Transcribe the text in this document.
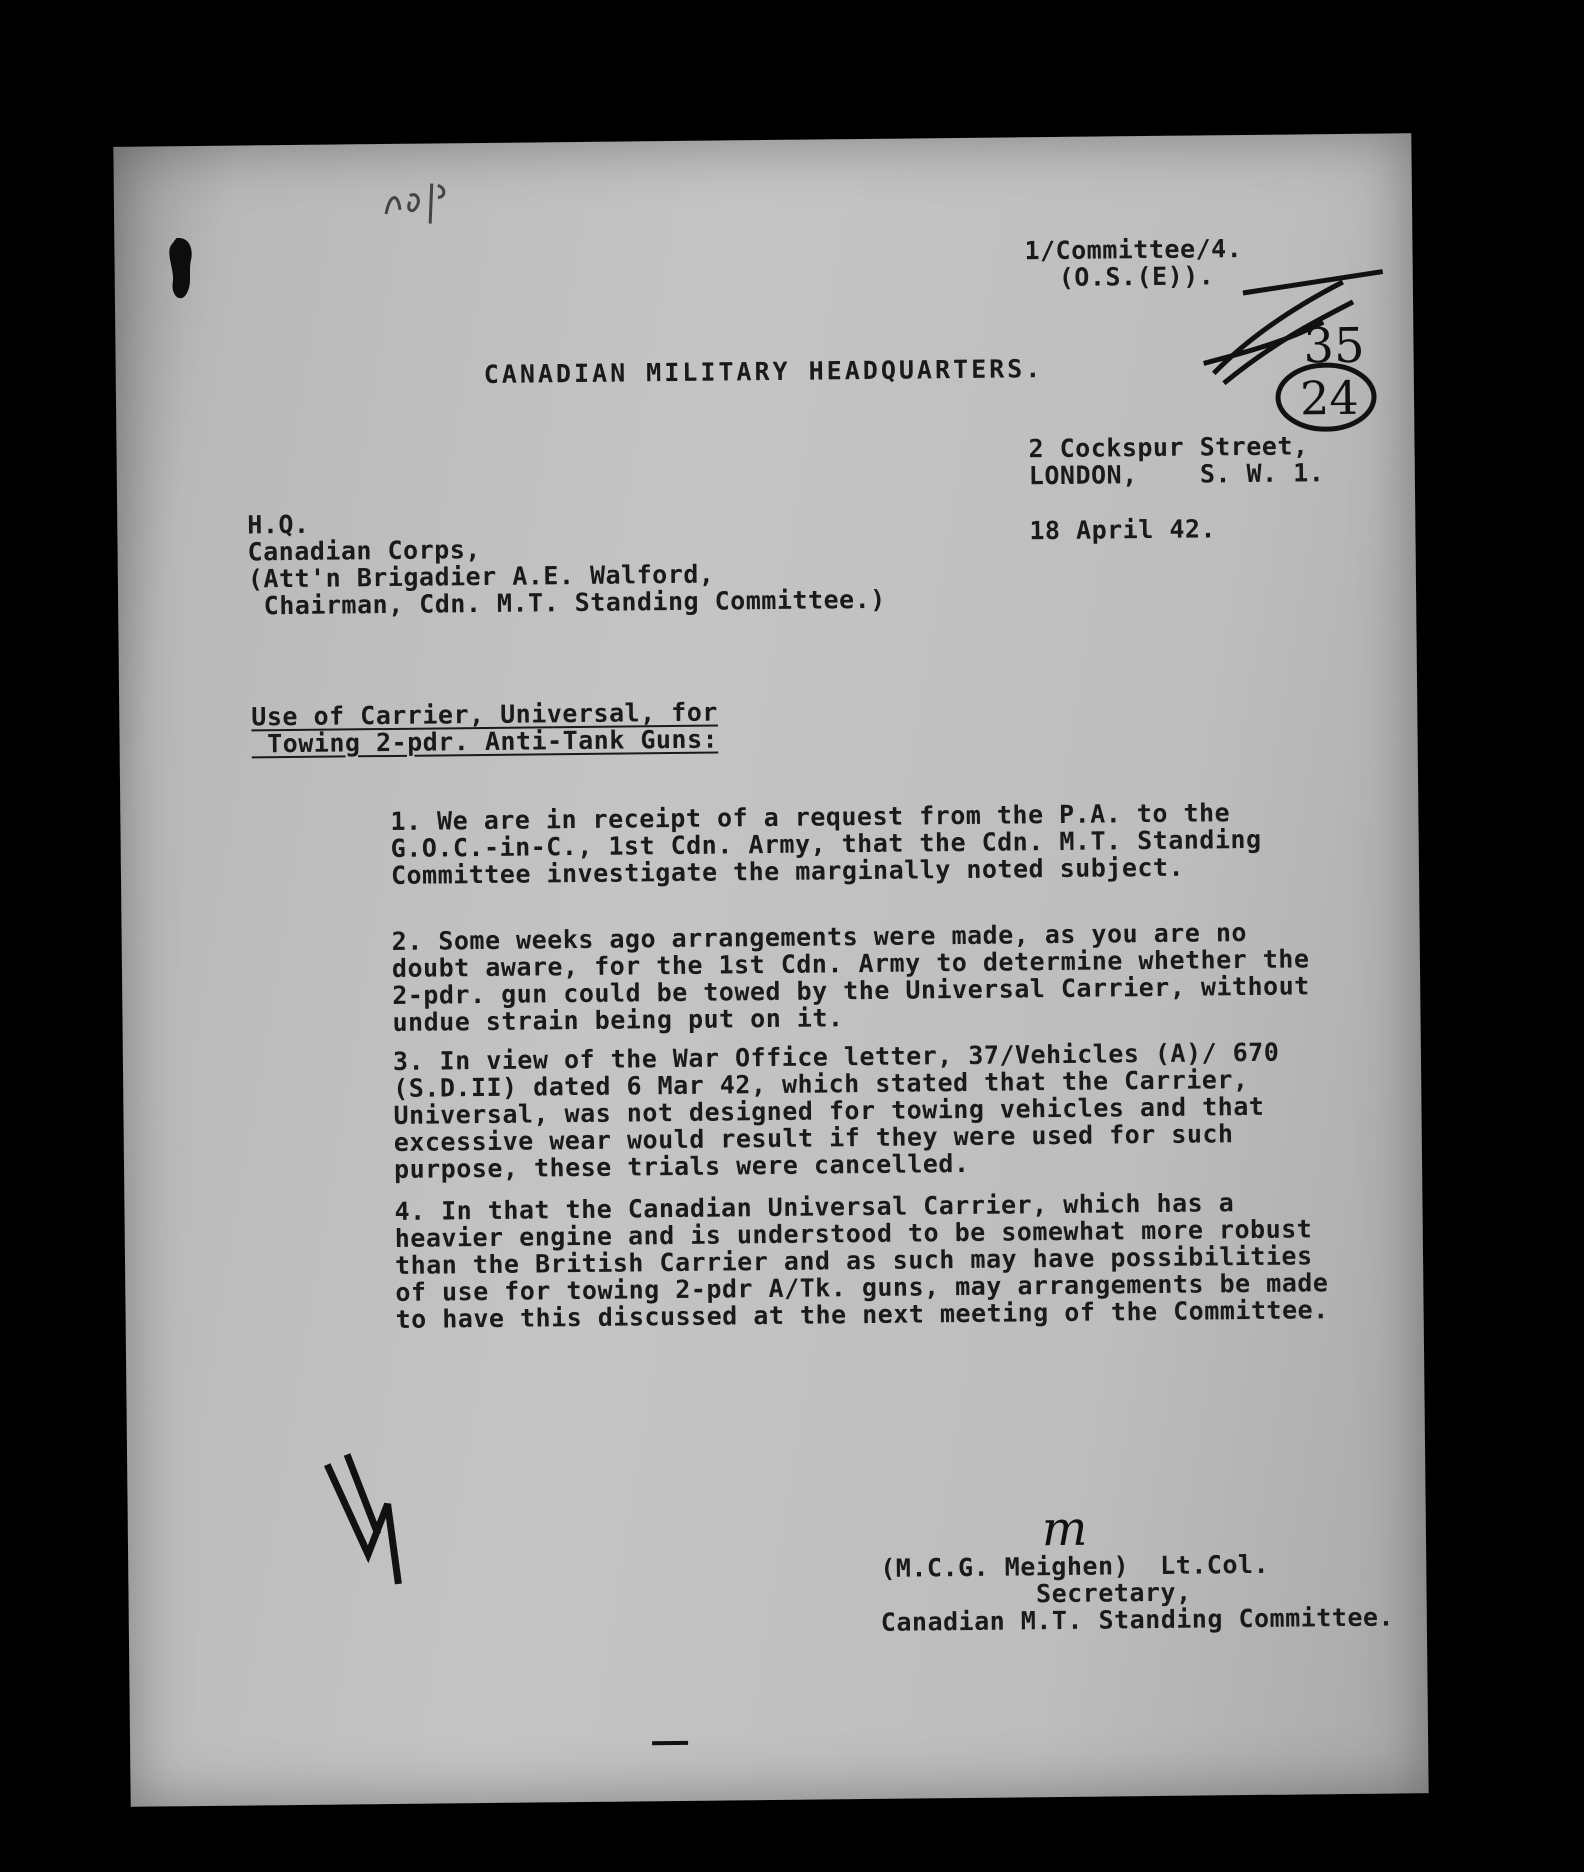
1/Committee/4.
(O.S.(E)).
35
24
CANADIAN MILITARY HEADQUARTERS.
2 Cockspur Street,
LONDON,    S. W. 1.
18 April 42.
H.Q.
Canadian Corps,
(Att'n Brigadier A.E. Walford,
Chairman, Cdn. M.T. Standing Committee.)
Use of Carrier, Universal, for
Towing 2-pdr. Anti-Tank Guns:
1. We are in receipt of a request from the P.A. to the G.O.C.-in-C., 1st Cdn. Army, that the Cdn. M.T. Standing Committee investigate the marginally noted subject.
2. Some weeks ago arrangements were made, as you are no doubt aware, for the 1st Cdn. Army to determine whether the 2-pdr. gun could be towed by the Universal Carrier, without undue strain being put on it.
3. In view of the War Office letter, 37/Vehicles (A)/ 670 (S.D.II) dated 6 Mar 42, which stated that the Carrier, Universal, was not designed for towing vehicles and that excessive wear would result if they were used for such purpose, these trials were cancelled.
4. In that the Canadian Universal Carrier, which has a heavier engine and is understood to be somewhat more robust than the British Carrier and as such may have possibilities of use for towing 2-pdr A/Tk. guns, may arrangements be made to have this discussed at the next meeting of the Committee.
m
(M.C.G. Meighen)  Lt.Col.
Secretary,
Canadian M.T. Standing Committee.
